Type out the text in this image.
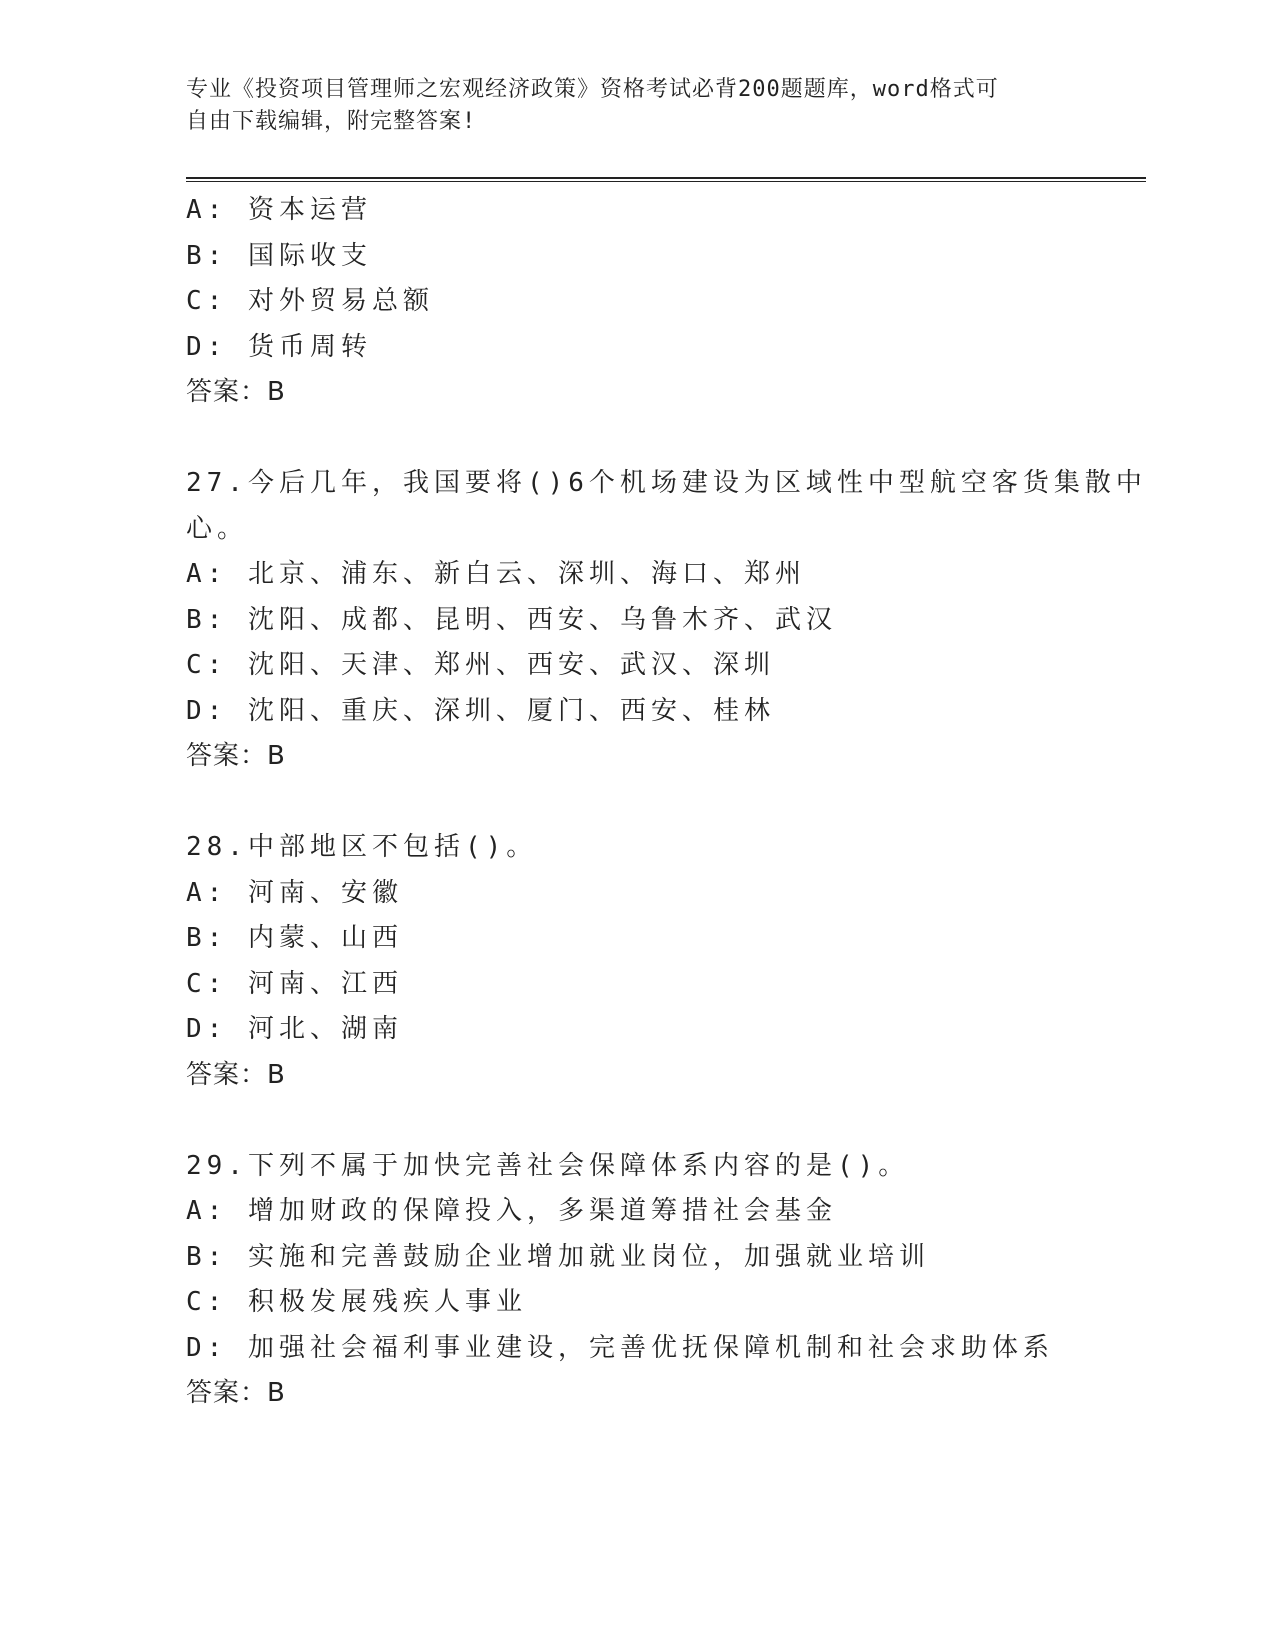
专业《投资项目管理师之宏观经济政策》资格考试必背200题题库，word格式可
自由下载编辑，附完整答案!
A: 资本运营
B: 国际收支
C: 对外贸易总额
D: 货币周转
答案：B
27.今后几年，我国要将()6个机场建设为区域性中型航空客货集散中
心。
A: 北京、浦东、新白云、深圳、海口、郑州
B: 沈阳、成都、昆明、西安、乌鲁木齐、武汉
C: 沈阳、天津、郑州、西安、武汉、深圳
D: 沈阳、重庆、深圳、厦门、西安、桂林
答案：B
28.中部地区不包括()。
A: 河南、安徽
B: 内蒙、山西
C: 河南、江西
D: 河北、湖南
答案：B
29.下列不属于加快完善社会保障体系内容的是()。
A: 增加财政的保障投入，多渠道筹措社会基金
B: 实施和完善鼓励企业增加就业岗位，加强就业培训
C: 积极发展残疾人事业
D: 加强社会福利事业建设，完善优抚保障机制和社会求助体系
答案：B
